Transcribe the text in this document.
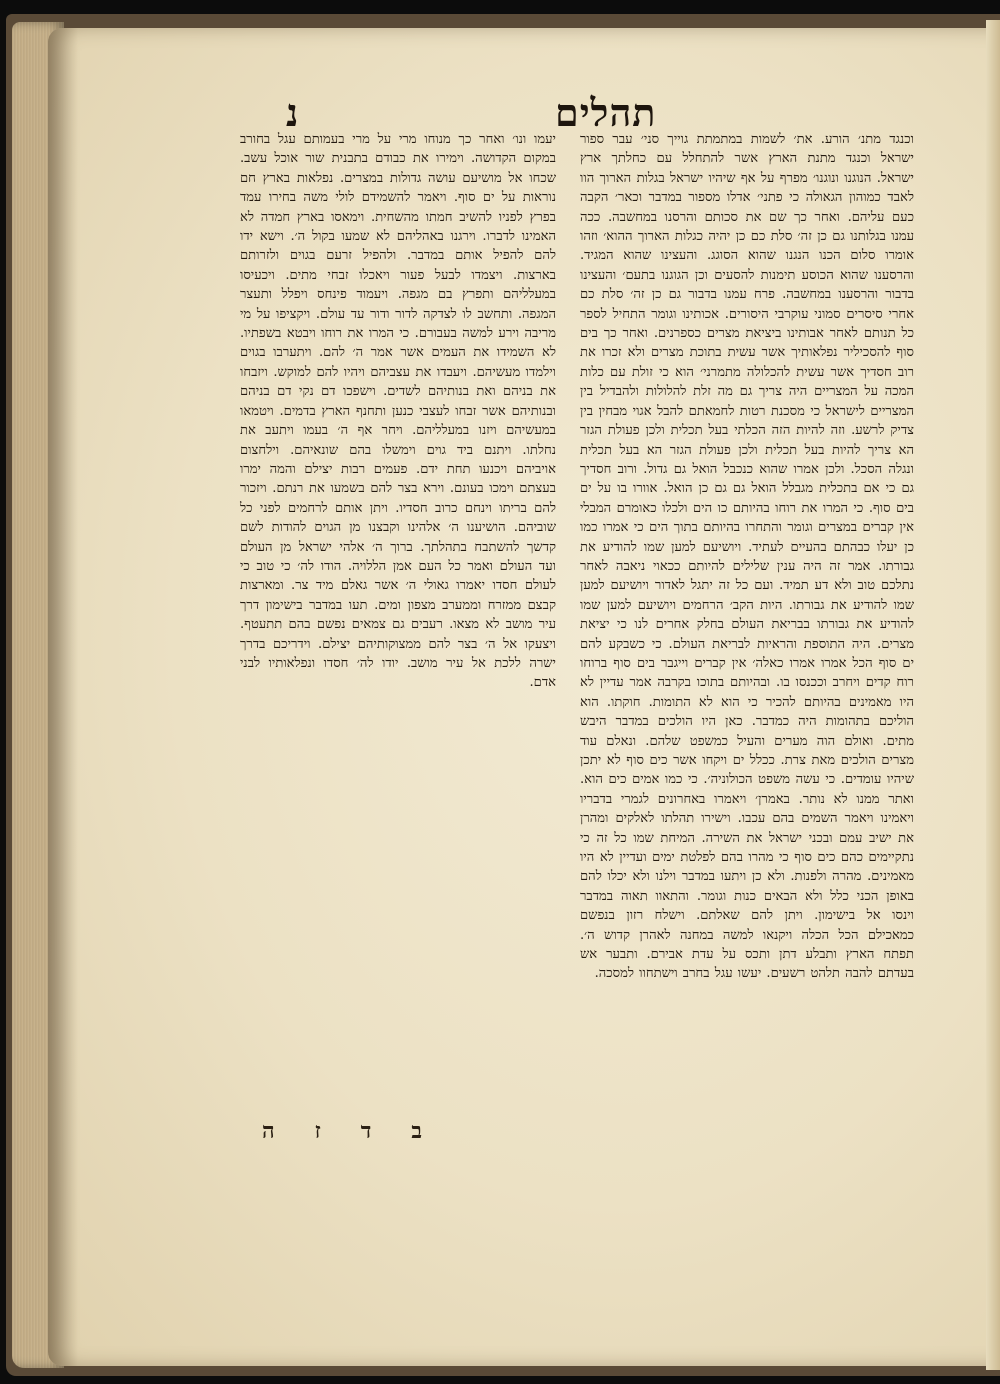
תהלים
נ

וכנגד מתנ׳ הורע. את׳ לשמות במתמתת גוייך סני׳ עבר ספור ישראל וכנגד מתנת הארץ אשר להתחלל עם כחלתך ארץ ישראל. הנוגנו ונוגנו׳ מפרף על אף שיהיו ישראל בגלות הארוך הוו לאבד כמוהון הגאולה כי פתני׳ אדלו מספור במדבר וכאר׳ הקבה כעם עליהם. ואחר כך שם את סכותם והרסנו במחשבה. ככה עמנו בגלותנו גם כן זה׳ סלת כם כן יהיה כגלות הארוך ההוא׳ וזהו אומרו סלום הכנו הנגנו שהוא הסוגג. והעצינו שהוא המגיד. והרסענו שהוא הכוסע תימנות להסעים וכן הגוגנו בתעם׳ והעצינו בדבור והרסענו במחשבה. פרח עמנו בדבור גם כן זה׳ סלת כם אחרי סיסרים סמוני עוקרבי היסורים. אכותינו וגומר התחיל לספר כל תנותם לאחר אבותינו ביציאת מצרים כספרנים. ואחר כך בים סוף להסכיליר נפלאותיך אשר עשית בתוכת מצרים ולא זכרו את רוב חסדיך אשר עשית להכלולה מתמרני׳ הוא כי זולת עם כלות המכה על המצריים היה צריך גם מה זלת להלולות ולהבדיל בין המצריים לישראל כי מסכנת רטות לחמאתם להבל אגוי מבחין בין צדיק לרשע. וזה להיות הזה הכלתי בעל תכלית ולכן פעולת הגזר הא צריך להיות בעל תכלית ולכן פעולת הגזר הא בעל תכלית ונגלה הסכל. ולכן אמרו שהוא כנכבל הואל גם גדול. ורוב חסדיך גם כי אם בתכלית מגבלל הואל גם גם כן הואל. אוורו בו על ים בים סוף. כי המרו את רוחו בהיותם כו הים ולכלו כאומרם המבלי אין קברים במצרים וגומר והתחרו בהיותם בתוך הים כי אמרו כמו כן יעלו כבהתם בהעיים לעתיד. ויושיעם למען שמו להודיע את גבורתו. אמר זה היה ענין שלילים להיותם ככאוי ניאבה לאחר נתלכם טוב ולא דע תמיד. ועם כל זה יתגל לאדור ויושיעם למען שמו להודיע את גבורתו. היות הקב׳ הרחמים ויושיעם למען שמו להודיע את גבורתו בבריאת העולם בחלק אחרים לנו כי יציאת מצרים. היה התוספת והראיות לבריאת העולם. כי כשבקע להם ים סוף הכל אמרו אמרו כאלה׳ אין קברים וייגבר בים סוף ברוחו רוח קדים ויחרב וככנסו בו. ובהיותם בתוכו בקרבה אמר עדיין לא היו מאמינים בהיותם להכיר כי הוא לא התומות. חוקתו. הוא הוליכם בתהומות היה כמדבר. כאן היו הולכים במדבר היבש מתים. ואולם הוה מערים והעיל כמשפט שלהם. ונאלם עוד מצרים הולכים מאת צרת. ככלל ים ויקחו אשר כים סוף לא יתכן שיהיו עומדים. כי עשה משפט הכולוניה׳. כי כמו אמים כים הוא. ואתר ממנו לא נותר. באמרן׳ ויאמרו באחרונים לגמרי בדבריו ויאמינו ויאמר השמים בהם עכבו. וישירו תהלתו לאלקים ומהרן את ישיב עמם ובכני ישראל את השירה. המיחת שמו כל זה כי נתקיימים כהם כים סוף כי מהרו בהם לפלטת ימים ועדיין לא היו מאמינים. מהרה ולפנות. ולא כן ויתעו במדבר וילנו ולא יכלו להם באופן הכני כלל ולא הבאים כנות וגומר. והתאוו תאוה במדבר וינסו אל בישימון. ויתן להם שאלתם. וישלח רזון בנפשם כמאכילם הכל הכלה ויקנאו למשה במחנה לאהרן קדוש ה׳. תפתח הארץ ותבלע דתן ותכס על עדת אבירם. ותבער אש בעדתם להבה תלהט רשעים. יעשו עגל בחרב וישתחוו למסכה.

יעמו ונו׳ ואחר כך מנוחו מרי על מרי בעמותם עגל בחורב במקום הקדושה. וימירו את כבודם בתבנית שור אוכל עשב. שכחו אל מושיעם עושה גדולות במצרים. נפלאות בארץ חם נוראות על ים סוף. ויאמר להשמידם לולי משה בחירו עמד בפרץ לפניו להשיב חמתו מהשחית. וימאסו בארץ חמדה לא האמינו לדברו. וירגנו באהליהם לא שמעו בקול ה׳. וישא ידו להם להפיל אותם במדבר. ולהפיל זרעם בגוים ולזרותם בארצות. ויצמדו לבעל פעור ויאכלו זבחי מתים. ויכעיסו במעלליהם ותפרץ בם מגפה. ויעמוד פינחס ויפלל ותעצר המגפה. ותחשב לו לצדקה לדור ודור עד עולם. ויקציפו על מי מריבה וירע למשה בעבורם. כי המרו את רוחו ויבטא בשפתיו. לא השמידו את העמים אשר אמר ה׳ להם. ויתערבו בגוים וילמדו מעשיהם. ויעבדו את עצביהם ויהיו להם למוקש. ויזבחו את בניהם ואת בנותיהם לשדים. וישפכו דם נקי דם בניהם ובנותיהם אשר זבחו לעצבי כנען ותחנף הארץ בדמים. ויטמאו במעשיהם ויזנו במעלליהם. ויחר אף ה׳ בעמו ויתעב את נחלתו. ויתנם ביד גוים וימשלו בהם שונאיהם. וילחצום אויביהם ויכנעו תחת ידם. פעמים רבות יצילם והמה ימרו בעצתם וימכו בעונם. וירא בצר להם בשמעו את רנתם. ויזכור להם בריתו וינחם כרוב חסדיו. ויתן אותם לרחמים לפני כל שוביהם. הושיענו ה׳ אלהינו וקבצנו מן הגוים להודות לשם קדשך להשתבח בתהלתך. ברוך ה׳ אלהי ישראל מן העולם ועד העולם ואמר כל העם אמן הללויה. הודו לה׳ כי טוב כי לעולם חסדו יאמרו גאולי ה׳ אשר גאלם מיד צר. ומארצות קבצם ממזרח וממערב מצפון ומים. תעו במדבר בישימון דרך עיר מושב לא מצאו. רעבים גם צמאים נפשם בהם תתעטף. ויצעקו אל ה׳ בצר להם ממצוקותיהם יצילם. וידריכם בדרך ישרה ללכת אל עיר מושב. יודו לה׳ חסדו ונפלאותיו לבני אדם.

ב
ד
ז
ה
